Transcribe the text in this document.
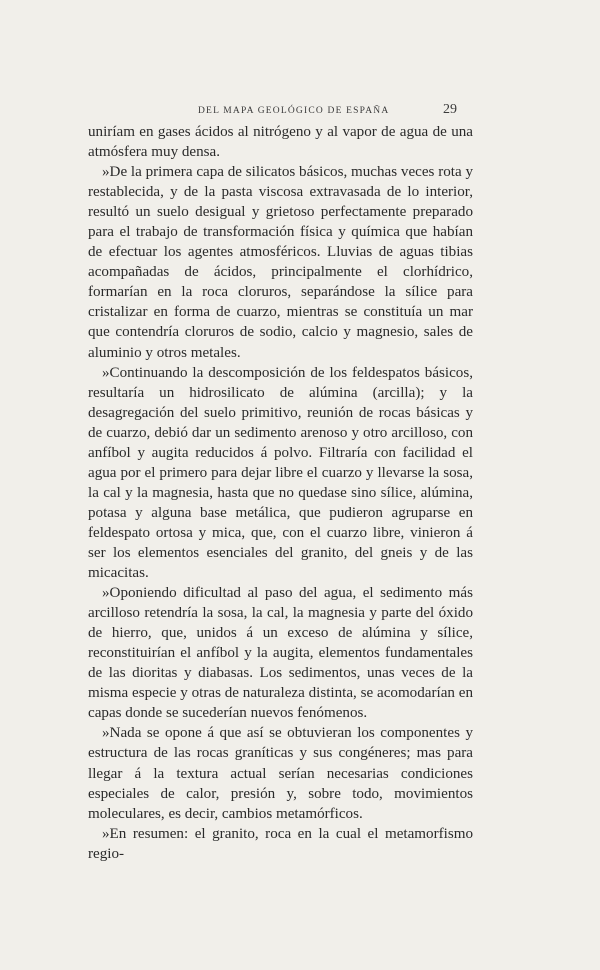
DEL MAPA GEOLÓGICO DE ESPAÑA	29

uniríam en gases ácidos al nitrógeno y al vapor de agua de una atmósfera muy densa.

»De la primera capa de silicatos básicos, muchas veces rota y restablecida, y de la pasta viscosa extravasada de lo interior, resultó un suelo desigual y grietoso perfectamente preparado para el trabajo de transformación física y química que habían de efectuar los agentes atmosféricos. Lluvias de aguas tibias acompañadas de ácidos, principalmente el clorhídrico, formarían en la roca cloruros, separándose la sílice para cristalizar en forma de cuarzo, mientras se constituía un mar que contendría cloruros de sodio, calcio y magnesio, sales de aluminio y otros metales.

»Continuando la descomposición de los feldespatos básicos, resultaría un hidrosilicato de alúmina (arcilla); y la desagregación del suelo primitivo, reunión de rocas básicas y de cuarzo, debió dar un sedimento arenoso y otro arcilloso, con anfíbol y augita reducidos á polvo. Filtraría con facilidad el agua por el primero para dejar libre el cuarzo y llevarse la sosa, la cal y la magnesia, hasta que no quedase sino sílice, alúmina, potasa y alguna base metálica, que pudieron agruparse en feldespato ortosa y mica, que, con el cuarzo libre, vinieron á ser los elementos esenciales del granito, del gneis y de las micacitas.

»Oponiendo dificultad al paso del agua, el sedimento más arcilloso retendría la sosa, la cal, la magnesia y parte del óxido de hierro, que, unidos á un exceso de alúmina y sílice, reconstituirían el anfíbol y la augita, elementos fundamentales de las dioritas y diabasas. Los sedimentos, unas veces de la misma especie y otras de naturaleza distinta, se acomodarían en capas donde se sucederían nuevos fenómenos.

»Nada se opone á que así se obtuvieran los componentes y estructura de las rocas graníticas y sus congéneres; mas para llegar á la textura actual serían necesarias condiciones especiales de calor, presión y, sobre todo, movimientos moleculares, es decir, cambios metamórficos.

»En resumen: el granito, roca en la cual el metamorfismo regio-
